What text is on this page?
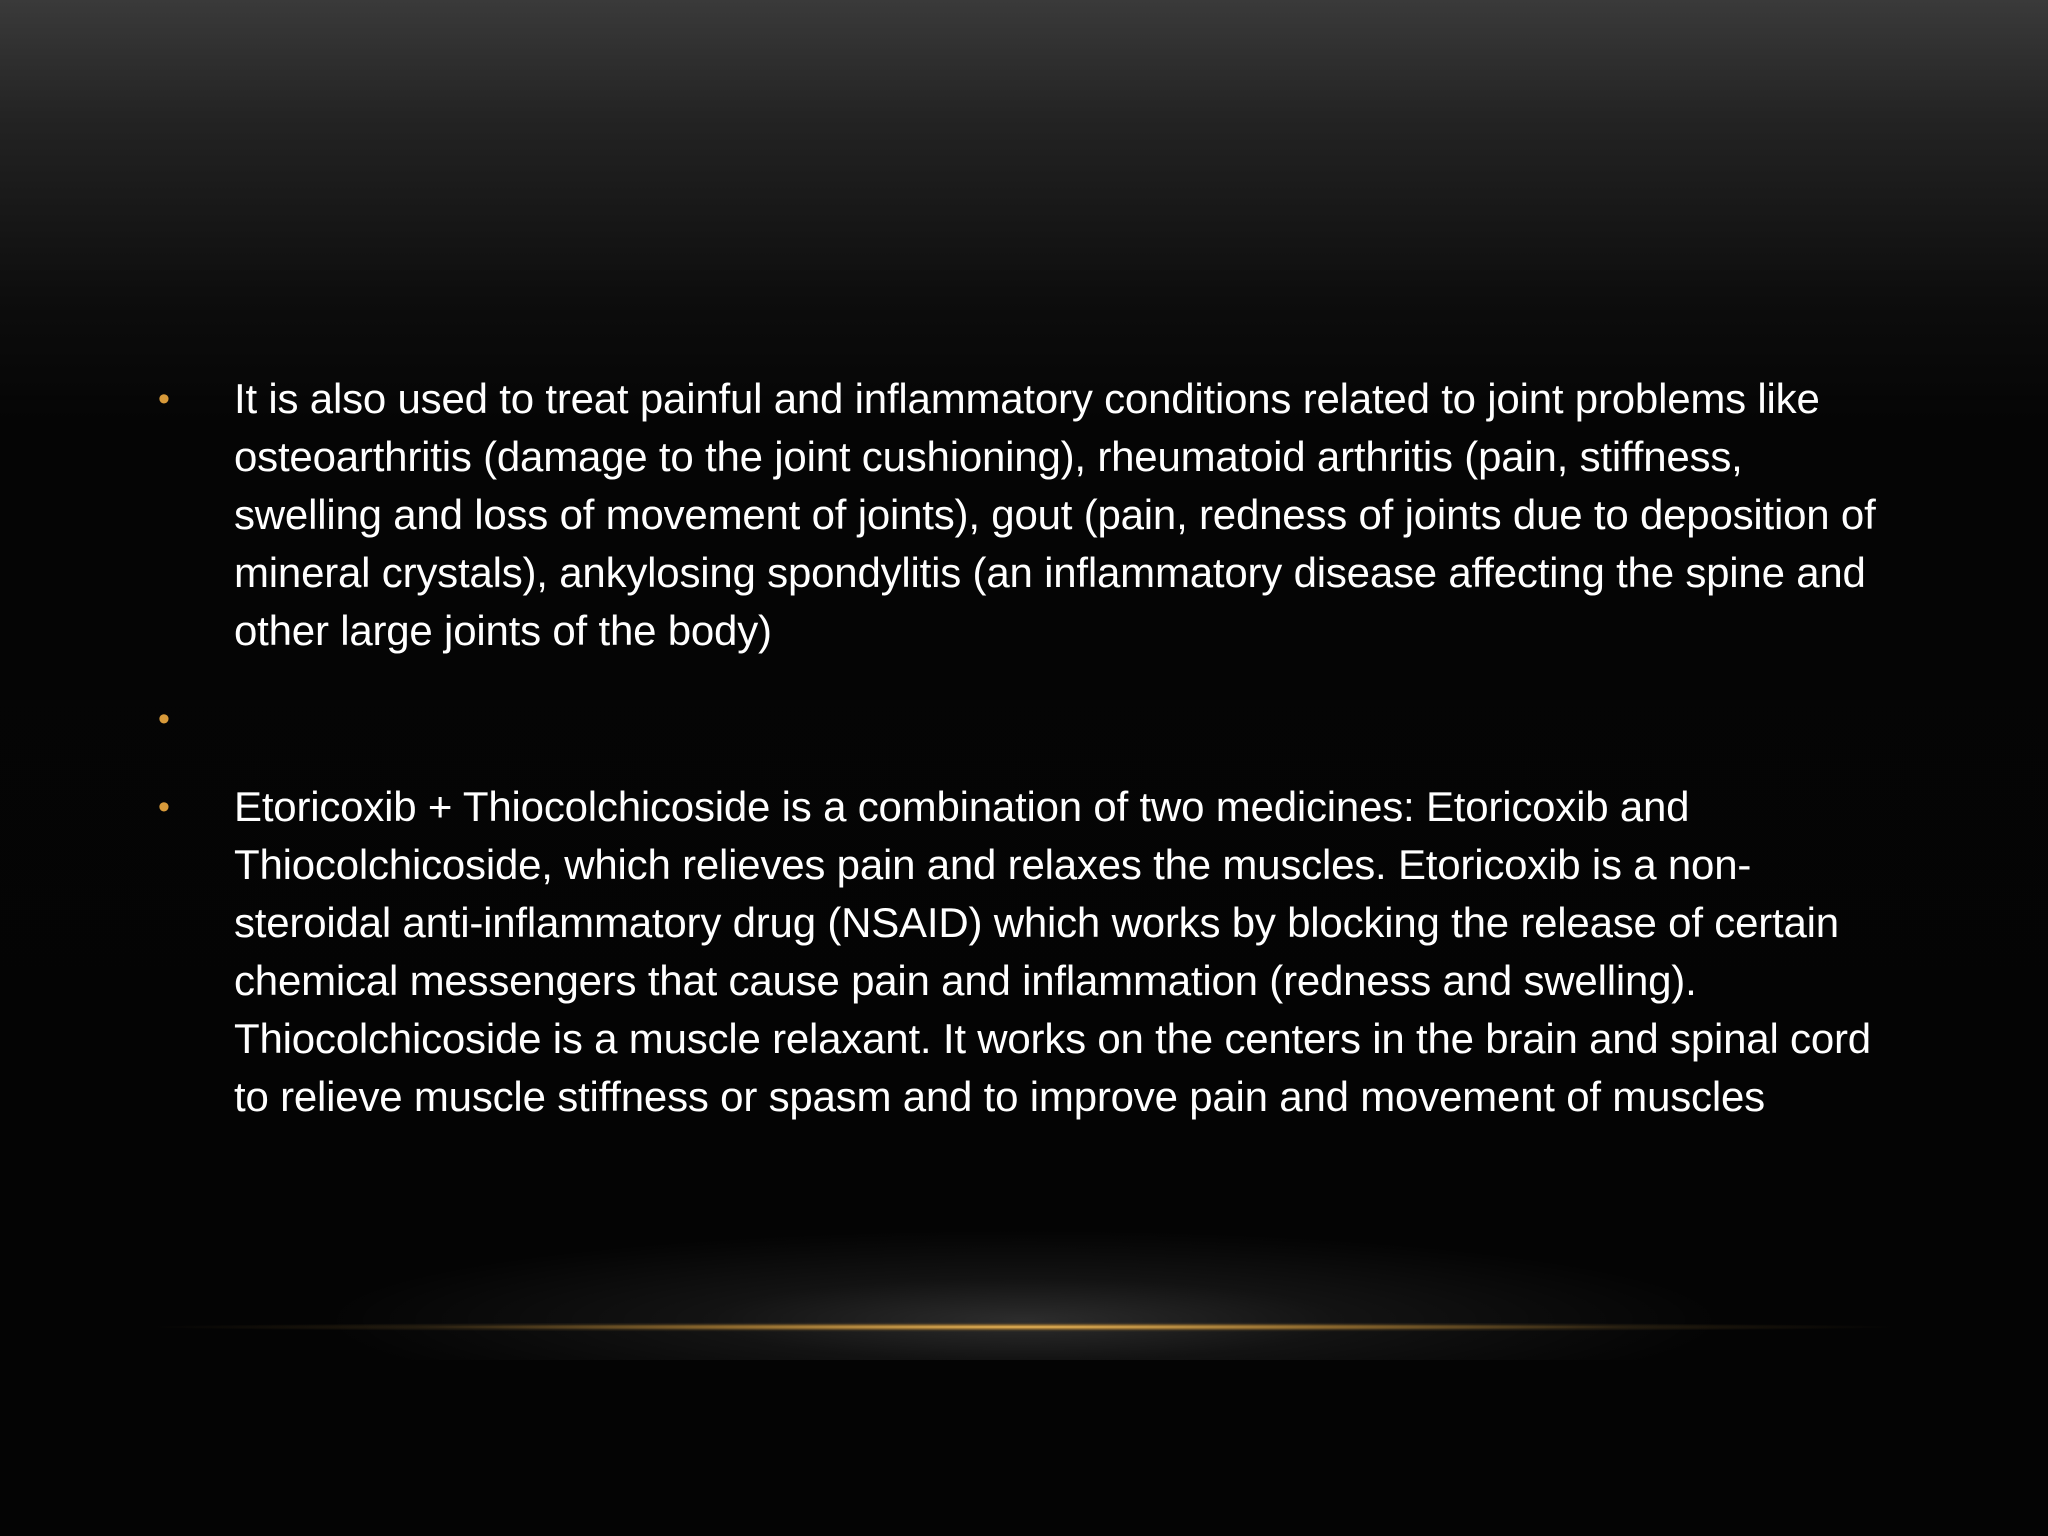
• It is also used to treat painful and inflammatory conditions related to joint problems like osteoarthritis (damage to the joint cushioning), rheumatoid arthritis (pain, stiffness, swelling and loss of movement of joints), gout (pain, redness of joints due to deposition of mineral crystals), ankylosing spondylitis (an inflammatory disease affecting the spine and other large joints of the body)
•
• Etoricoxib + Thiocolchicoside is a combination of two medicines: Etoricoxib and Thiocolchicoside, which relieves pain and relaxes the muscles. Etoricoxib is a non-steroidal anti-inflammatory drug (NSAID) which works by blocking the release of certain chemical messengers that cause pain and inflammation (redness and swelling). Thiocolchicoside is a muscle relaxant. It works on the centers in the brain and spinal cord to relieve muscle stiffness or spasm and to improve pain and movement of muscles
